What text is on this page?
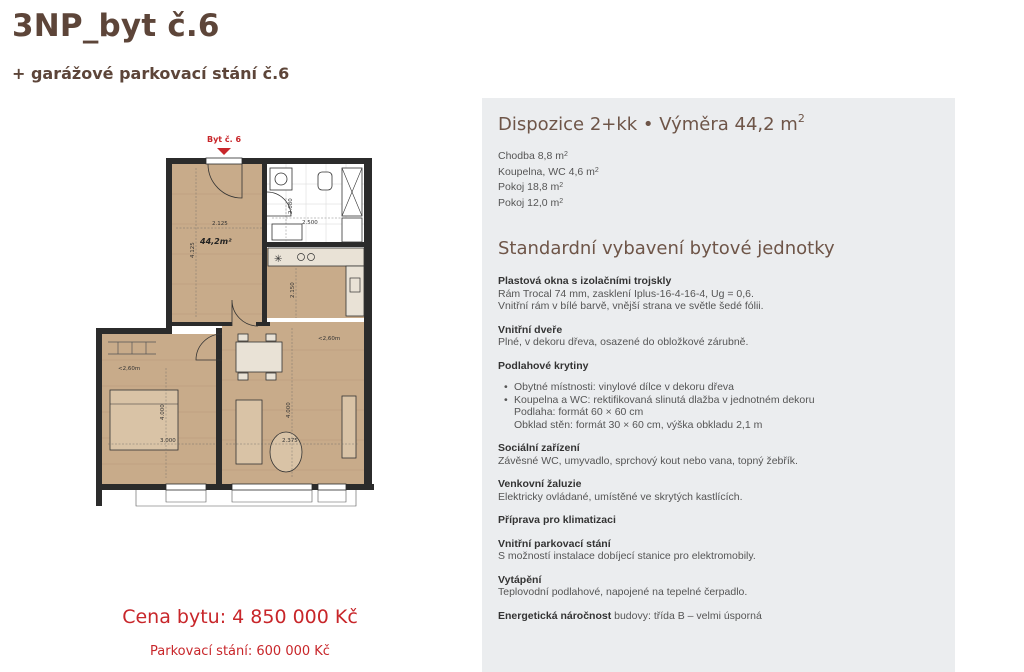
3NP_byt č.6
+ garážové parkovací stání č.6
Byt č. 6
✳
2.125	2.500
2.080
4.125
2.150
4.000	4.000
3.000	2.375
<2,60m
<2,60m
44,2m²
Cena bytu: 4 850 000 Kč
Parkovací stání: 600 000 Kč
Dispozice 2+kk • Výměra 44,2 $m^2$
Chodba 8,8 $m^2$
Koupelna, WC 4,6 $m^2$
Pokoj 18,8 $m^2$
Pokoj 12,0 $m^2$
Standardní vybavení bytové jednotky
Plastová okna s izolačními trojskly
Rám Trocal 74 mm, zasklení Iplus-16-4-16-4, Ug = 0,6.
Vnitřní rám v bílé barvě, vnější strana ve světle šedé fólii.
Vnitřní dveře
Plné, v dekoru dřeva, osazené do obložkové zárubně.
Podlahové krytiny
• Obytné místnosti: vinylové dílce v dekoru dřeva
• Koupelna a WC: rektifikovaná slinutá dlažba v jednotném dekoru
Podlaha: formát 60 × 60 cm
Obklad stěn: formát 30 × 60 cm, výška obkladu 2,1 m
Sociální zařízení
Závěsné WC, umyvadlo, sprchový kout nebo vana, topný žebřík.
Venkovní žaluzie
Elektricky ovládané, umístěné ve skrytých kastlících.
Příprava pro klimatizaci
Vnitřní parkovací stání
S možností instalace dobíjecí stanice pro elektromobily.
Vytápění
Teplovodní podlahové, napojené na tepelné čerpadlo.
Energetická náročnost budovy: třída B – velmi úsporná
